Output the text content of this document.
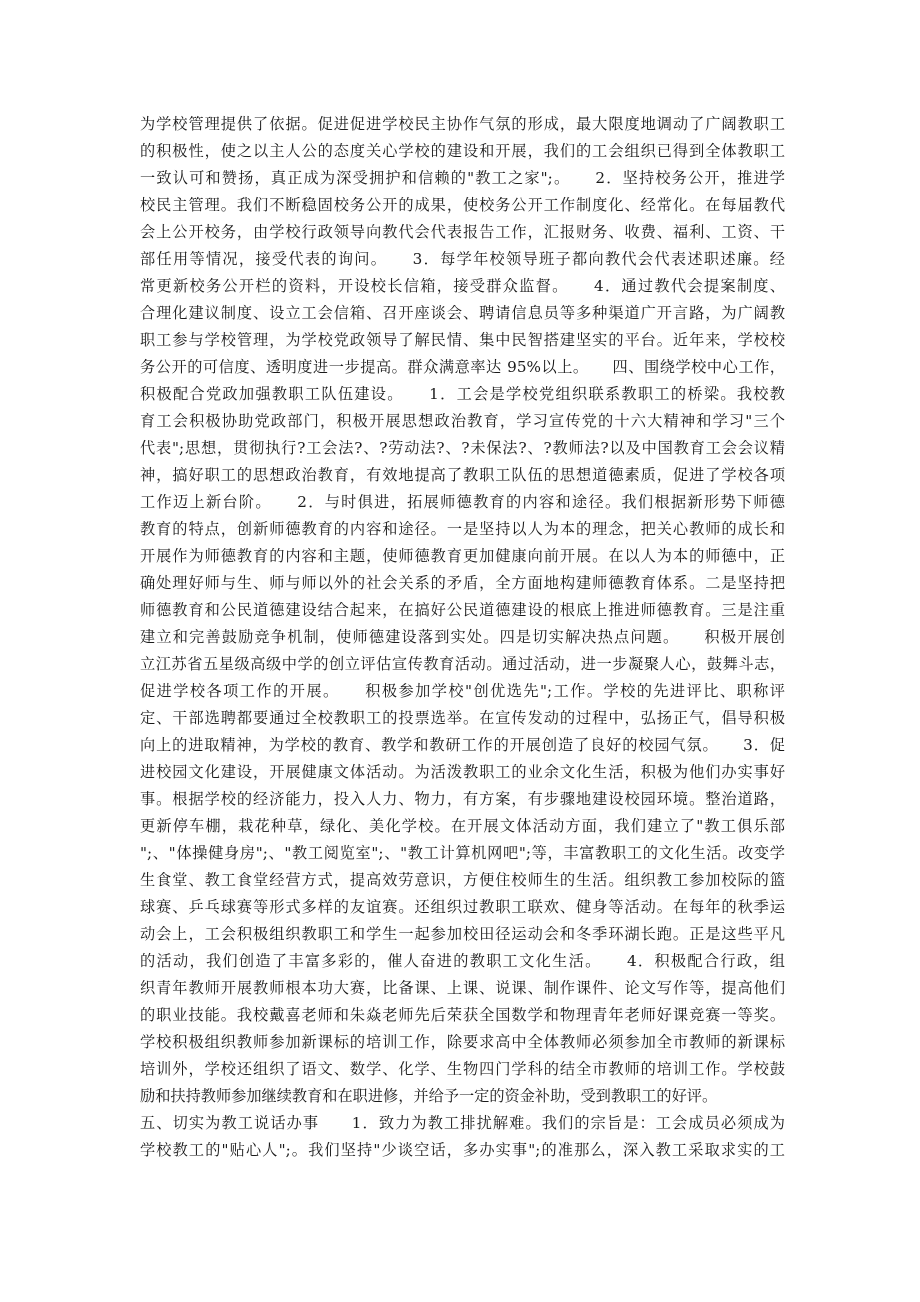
为学校管理提供了依据。促进促进学校民主协作气氛的形成，最大限度地调动了广阔教职工
的积极性，使之以主人公的态度关心学校的建设和开展，我们的工会组织已得到全体教职工
一致认可和赞扬，真正成为深受拥护和信赖的"教工之家";。　　2．坚持校务公开，推进学
校民主管理。我们不断稳固校务公开的成果，使校务公开工作制度化、经常化。在每届教代
会上公开校务，由学校行政领导向教代会代表报告工作，汇报财务、收费、福利、工资、干
部任用等情况，接受代表的询问。　　3．每学年校领导班子都向教代会代表述职述廉。经
常更新校务公开栏的资料，开设校长信箱，接受群众监督。　　4．通过教代会提案制度、
合理化建议制度、设立工会信箱、召开座谈会、聘请信息员等多种渠道广开言路，为广阔教
职工参与学校管理，为学校党政领导了解民情、集中民智搭建坚实的平台。近年来，学校校
务公开的可信度、透明度进一步提高。群众满意率达 95%以上。　　四、围绕学校中心工作，
积极配合党政加强教职工队伍建设。　　1．工会是学校党组织联系教职工的桥梁。我校教
育工会积极协助党政部门，积极开展思想政治教育，学习宣传党的十六大精神和学习"三个
代表";思想，贯彻执行?工会法?、?劳动法?、?未保法?、?教师法?以及中国教育工会会议精
神，搞好职工的思想政治教育，有效地提高了教职工队伍的思想道德素质，促进了学校各项
工作迈上新台阶。　　2．与时俱进，拓展师德教育的内容和途径。我们根据新形势下师德
教育的特点，创新师德教育的内容和途径。一是坚持以人为本的理念，把关心教师的成长和
开展作为师德教育的内容和主题，使师德教育更加健康向前开展。在以人为本的师德中，正
确处理好师与生、师与师以外的社会关系的矛盾，全方面地构建师德教育体系。二是坚持把
师德教育和公民道德建设结合起来，在搞好公民道德建设的根底上推进师德教育。三是注重
建立和完善鼓励竞争机制，使师德建设落到实处。四是切实解决热点问题。　　积极开展创
立江苏省五星级高级中学的创立评估宣传教育活动。通过活动，进一步凝聚人心，鼓舞斗志，
促进学校各项工作的开展。　　积极参加学校"创优选先";工作。学校的先进评比、职称评
定、干部选聘都要通过全校教职工的投票选举。在宣传发动的过程中，弘扬正气，倡导积极
向上的进取精神，为学校的教育、教学和教研工作的开展创造了良好的校园气氛。　　3．促
进校园文化建设，开展健康文体活动。为活泼教职工的业余文化生活，积极为他们办实事好
事。根据学校的经济能力，投入人力、物力，有方案，有步骤地建设校园环境。整治道路，
更新停车棚，栽花种草，绿化、美化学校。在开展文体活动方面，我们建立了"教工俱乐部
";、"体操健身房";、"教工阅览室";、"教工计算机网吧";等，丰富教职工的文化生活。改变学
生食堂、教工食堂经营方式，提高效劳意识，方便住校师生的生活。组织教工参加校际的篮
球赛、乒乓球赛等形式多样的友谊赛。还组织过教职工联欢、健身等活动。在每年的秋季运
动会上，工会积极组织教职工和学生一起参加校田径运动会和冬季环湖长跑。正是这些平凡
的活动，我们创造了丰富多彩的，催人奋进的教职工文化生活。　　4．积极配合行政，组
织青年教师开展教师根本功大赛，比备课、上课、说课、制作课件、论文写作等，提高他们
的职业技能。我校戴喜老师和朱焱老师先后荣获全国数学和物理青年老师好课竞赛一等奖。
学校积极组织教师参加新课标的培训工作，除要求高中全体教师必须参加全市教师的新课标
培训外，学校还组织了语文、数学、化学、生物四门学科的结全市教师的培训工作。学校鼓
励和扶持教师参加继续教育和在职进修，并给予一定的资金补助，受到教职工的好评。
五、切实为教工说话办事　　1．致力为教工排扰解难。我们的宗旨是：工会成员必须成为
学校教工的"贴心人";。我们坚持"少谈空话，多办实事";的准那么，深入教工采取求实的工
